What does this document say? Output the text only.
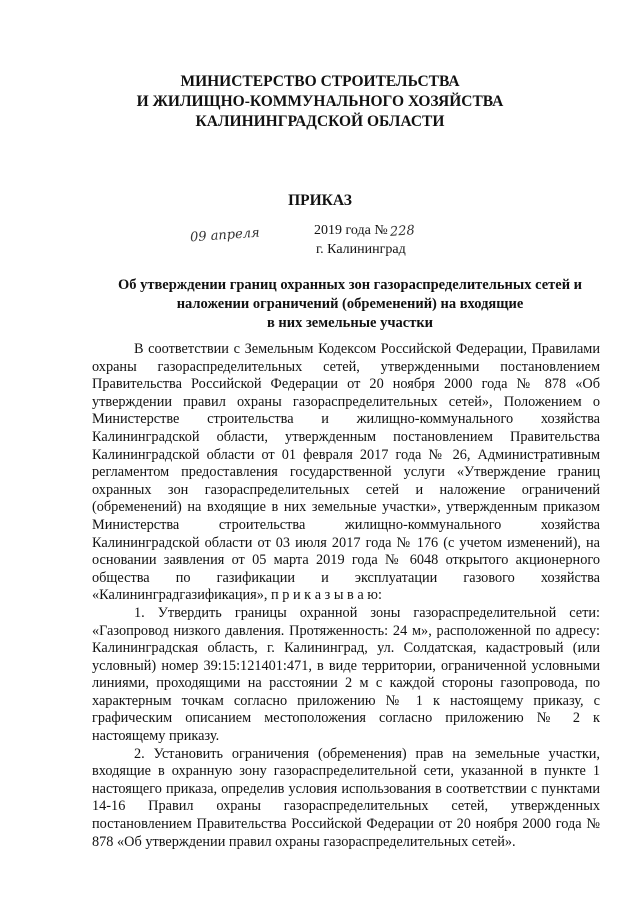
МИНИСТЕРСТВО СТРОИТЕЛЬСТВА
И ЖИЛИЩНО-КОММУНАЛЬНОГО ХОЗЯЙСТВА
КАЛИНИНГРАДСКОЙ ОБЛАСТИ
ПРИКАЗ
09 апреля	2019 года № 228
г. Калининград
Об утверждении границ охранных зон газораспределительных сетей и
наложении ограничений (обременений) на входящие
в них земельные участки

В соответствии с Земельным Кодексом Российской Федерации, Правилами охраны газораспределительных сетей, утвержденными постановлением Правительства Российской Федерации от 20 ноября 2000 года № 878 «Об утверждении правил охраны газораспределительных сетей», Положением о Министерстве строительства и жилищно-коммунального хозяйства Калининградской области, утвержденным постановлением Правительства Калининградской области от 01 февраля 2017 года № 26, Административным регламентом предоставления государственной услуги «Утверждение границ охранных зон газораспределительных сетей и наложение ограничений (обременений) на входящие в них земельные участки», утвержденным приказом Министерства строительства жилищно-коммунального хозяйства Калининградской области от 03 июля 2017 года № 176 (с учетом изменений), на основании заявления от 05 марта 2019 года № 6048 открытого акционерного общества по газификации и эксплуатации газового хозяйства «Калининградгазификация», п р и к а з ы в а ю:

1. Утвердить границы охранной зоны газораспределительной сети: «Газопровод низкого давления. Протяженность: 24 м», расположенной по адресу: Калининградская область, г. Калининград, ул. Солдатская, кадастровый (или условный) номер 39:15:121401:471, в виде территории, ограниченной условными линиями, проходящими на расстоянии 2 м с каждой стороны газопровода, по характерным точкам согласно приложению № 1 к настоящему приказу, с графическим описанием местоположения согласно приложению № 2 к настоящему приказу.

2. Установить ограничения (обременения) прав на земельные участки, входящие в охранную зону газораспределительной сети, указанной в пункте 1 настоящего приказа, определив условия использования в соответствии с пунктами 14-16 Правил охраны газораспределительных сетей, утвержденных постановлением Правительства Российской Федерации от 20 ноября 2000 года № 878 «Об утверждении правил охраны газораспределительных сетей».
